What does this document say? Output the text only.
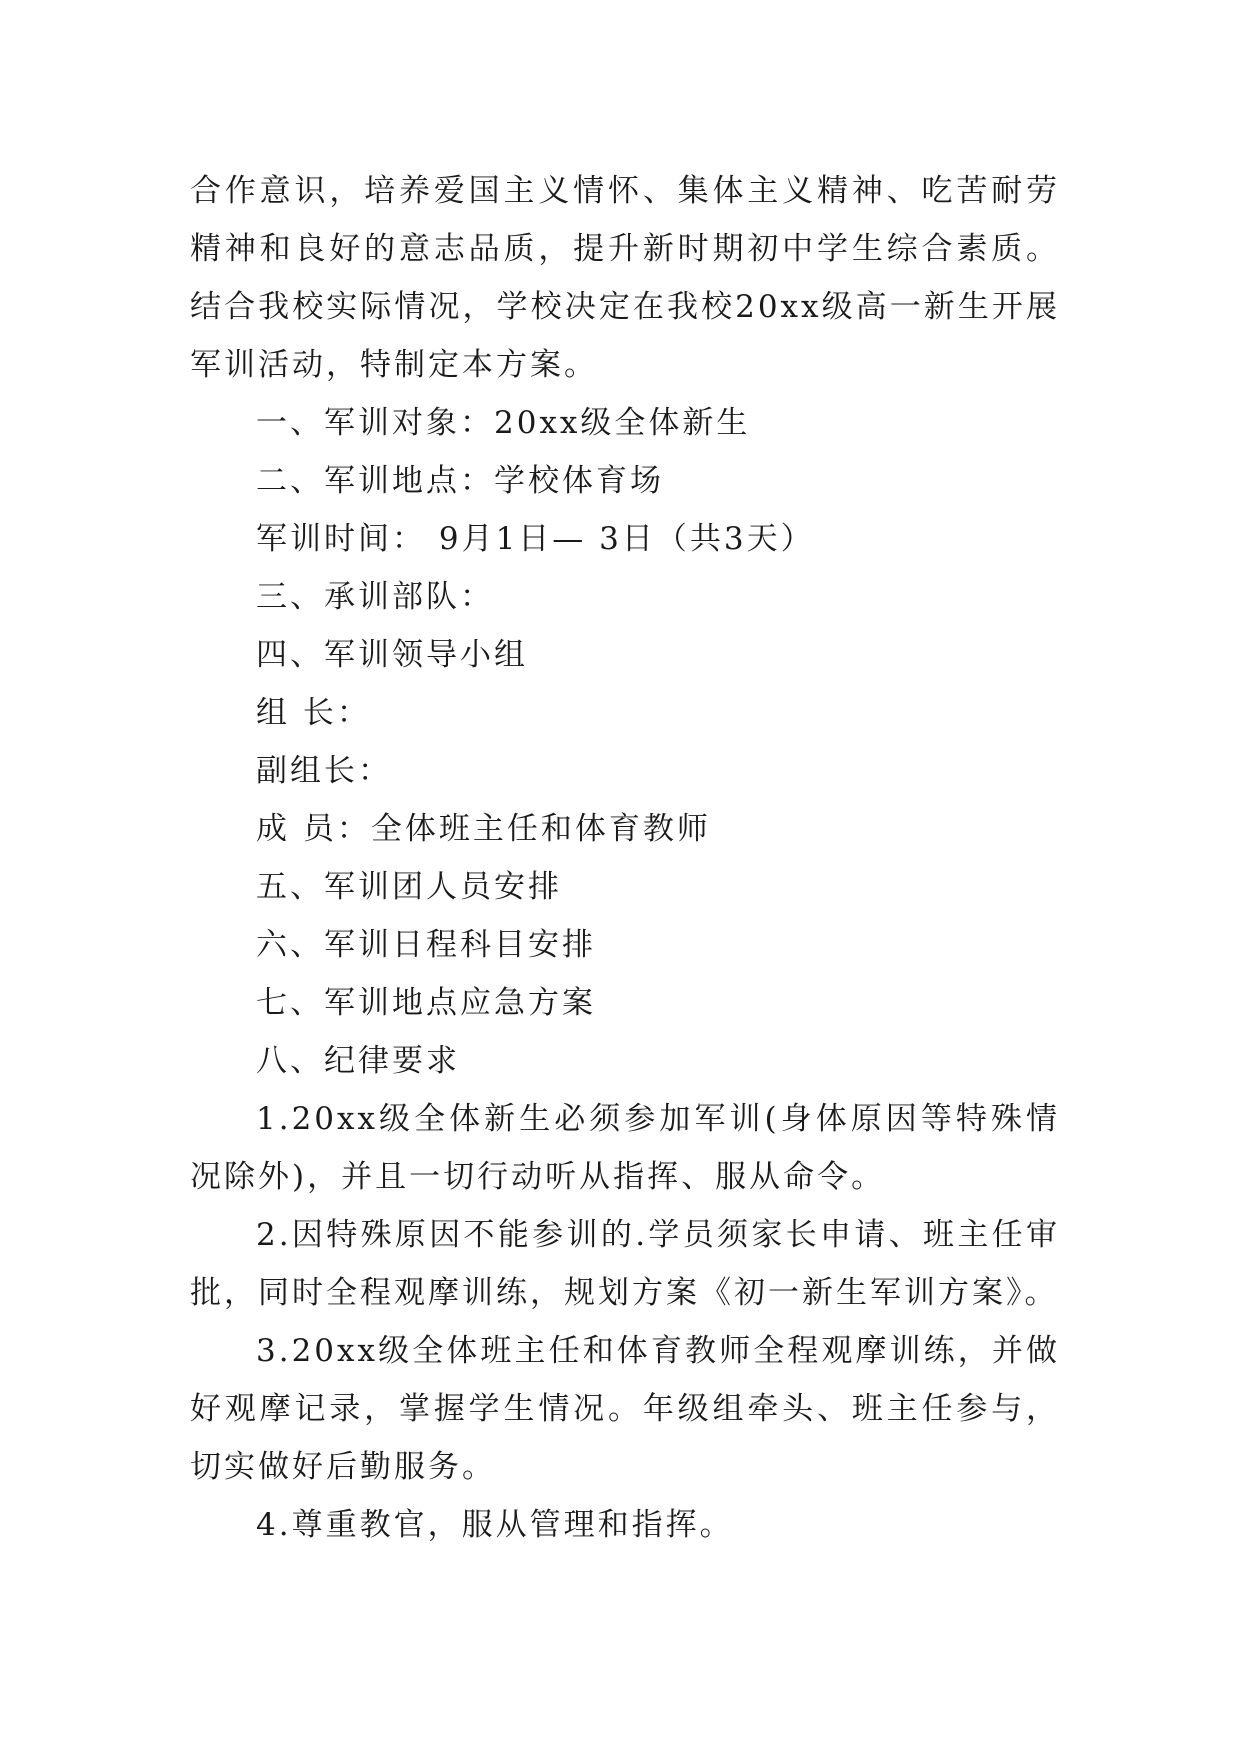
合作意识，培养爱国主义情怀、集体主义精神、吃苦耐劳精神和良好的意志品质，提升新时期初中学生综合素质。结合我校实际情况，学校决定在我校20xx级高一新生开展军训活动，特制定本方案。

一、军训对象：20xx级全体新生

二、军训地点：学校体育场

军训时间： 9月1日— 3日（共3天）

三、承训部队：

四、军训领导小组

组 长：

副组长：

成 员：全体班主任和体育教师

五、军训团人员安排

六、军训日程科目安排

七、军训地点应急方案

八、纪律要求

1.20xx级全体新生必须参加军训(身体原因等特殊情况除外)，并且一切行动听从指挥、服从命令。

2.因特殊原因不能参训的.学员须家长申请、班主任审批，同时全程观摩训练，规划方案《初一新生军训方案》。

3.20xx级全体班主任和体育教师全程观摩训练，并做好观摩记录，掌握学生情况。年级组牵头、班主任参与，切实做好后勤服务。

4.尊重教官，服从管理和指挥。
